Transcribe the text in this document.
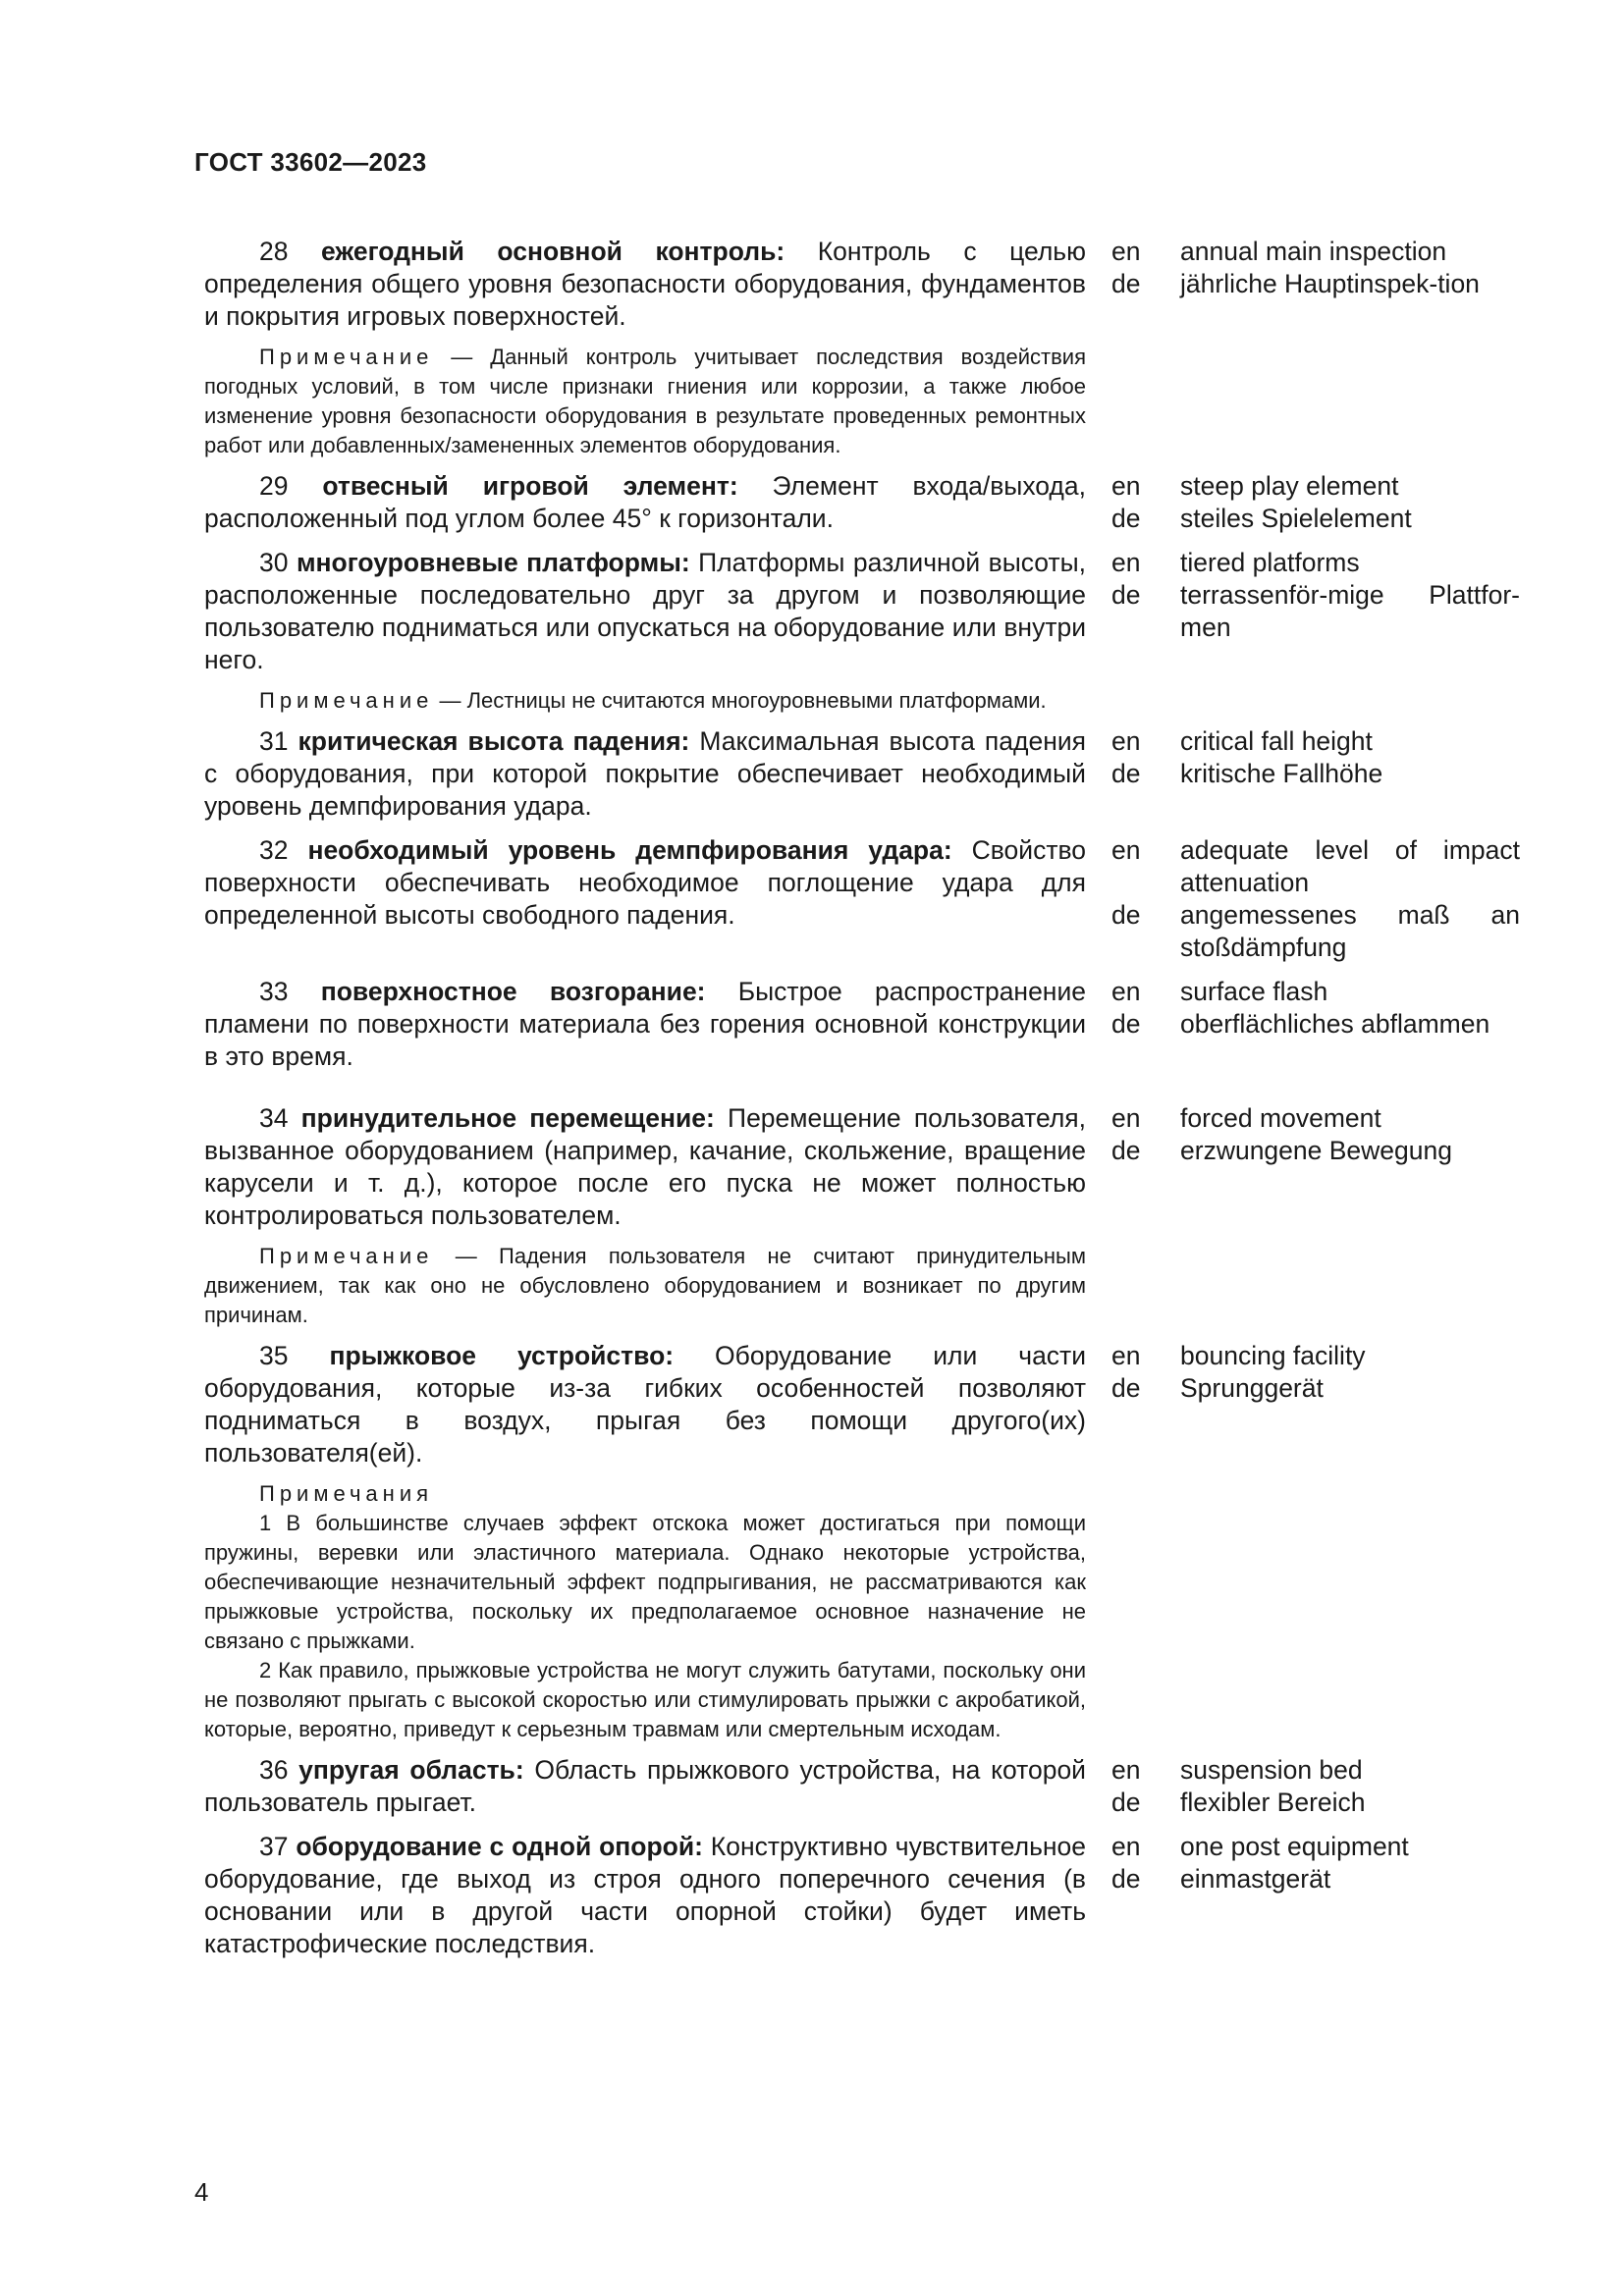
ГОСТ 33602—2023
28 ежегодный основной контроль: Контроль с целью определения общего уровня безопасности оборудования, фундаментов и покрытия игровых поверхностей.
en
de
annual main inspection
jährliche Hauptinspek-tion
Примечание — Данный контроль учитывает последствия воздействия погодных условий, в том числе признаки гниения или коррозии, а также любое изменение уровня безопасности оборудования в результате проведенных ремонтных работ или добавленных/замененных элементов оборудования.
29 отвесный игровой элемент: Элемент входа/выхода, расположенный под углом более 45° к горизонтали.
en
de
steep play element
steiles Spielelement
30 многоуровневые платформы: Платформы различной высоты, расположенные последовательно друг за другом и позволяющие пользователю подниматься или опускаться на оборудование или внутри него.
en
de
tiered platforms
terrassenför-mige Plattfor-men
Примечание — Лестницы не считаются многоуровневыми платформами.
31 критическая высота падения: Максимальная высота падения с оборудования, при которой покрытие обеспечивает необходимый уровень демпфирования удара.
en
de
critical fall height
kritische Fallhöhe
32 необходимый уровень демпфирования удара: Свойство поверхности обеспечивать необходимое поглощение удара для определенной высоты свободного падения.
en
de
adequate level of impact attenuation
angemessenes maß an stoßdämpfung
33 поверхностное возгорание: Быстрое распространение пламени по поверхности материала без горения основной конструкции в это время.
en
de
surface flash
oberflächliches abflammen
34 принудительное перемещение: Перемещение пользователя, вызванное оборудованием (например, качание, скольжение, вращение карусели и т. д.), которое после его пуска не может полностью контролироваться пользователем.
en
de
forced movement
erzwungene Bewegung
Примечание — Падения пользователя не считают принудительным движением, так как оно не обусловлено оборудованием и возникает по другим причинам.
35 прыжковое устройство: Оборудование или части оборудования, которые из-за гибких особенностей позволяют подниматься в воздух, прыгая без помощи другого(их) пользователя(ей).
en
de
bouncing facility
Sprunggerät
Примечания
1 В большинстве случаев эффект отскока может достигаться при помощи пружины, веревки или эластичного материала. Однако некоторые устройства, обеспечивающие незначительный эффект подпрыгивания, не рассматриваются как прыжковые устройства, поскольку их предполагаемое основное назначение не связано с прыжками.
2 Как правило, прыжковые устройства не могут служить батутами, поскольку они не позволяют прыгать с высокой скоростью или стимулировать прыжки с акробатикой, которые, вероятно, приведут к серьезным травмам или смертельным исходам.
36 упругая область: Область прыжкового устройства, на которой пользователь прыгает.
en
de
suspension bed
flexibler Bereich
37 оборудование с одной опорой: Конструктивно чувствительное оборудование, где выход из строя одного поперечного сечения (в основании или в другой части опорной стойки) будет иметь катастрофические последствия.
en
de
one post equipment
einmastgerät
4
